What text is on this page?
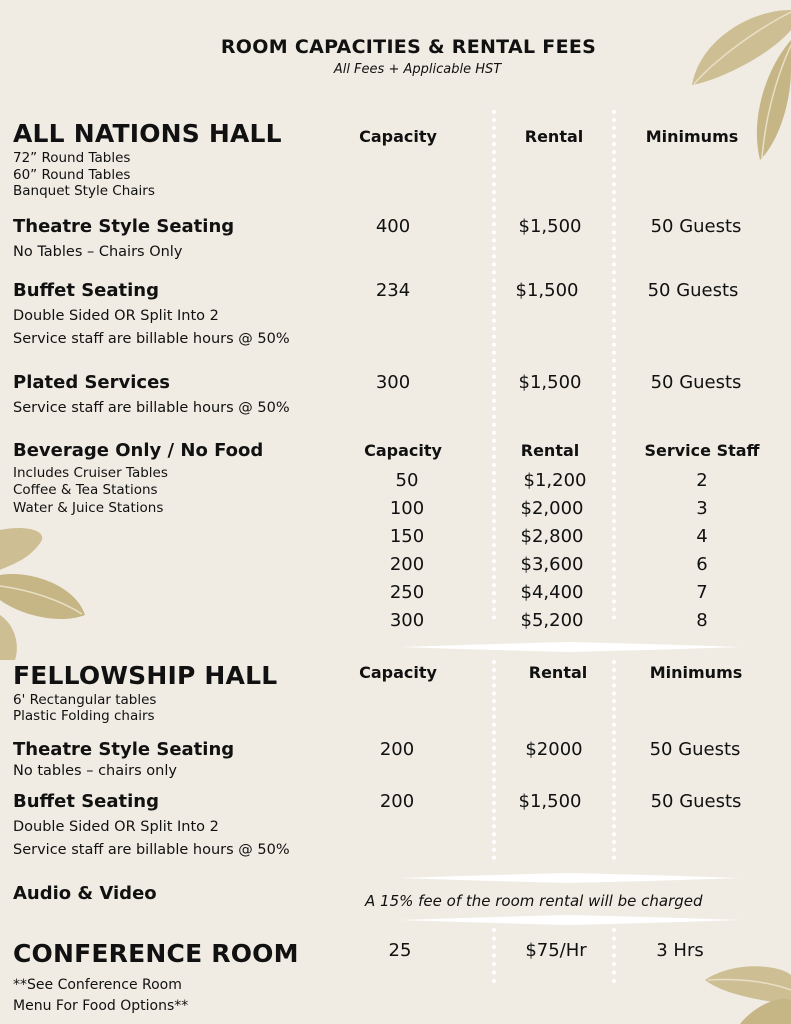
ROOM CAPACITIES & RENTAL FEES
All Fees + Applicable HST
ALL NATIONS HALL	Capacity	Rental	Minimums
72” Round Tables
60” Round Tables
Banquet Style Chairs
Theatre Style Seating
No Tables – Chairs Only
400	$1,500	50 Guests
Buffet Seating
Double Sided OR Split Into 2
Service staff are billable hours @ 50%
234	$1,500	50 Guests
Plated Services
Service staff are billable hours @ 50%
300	$1,500	50 Guests
Beverage Only / No Food	Capacity	Rental	Service Staff
Includes Cruiser Tables
Coffee & Tea Stations
Water & Juice Stations
50	$1,200	2
100	$2,000	3
150	$2,800	4
200	$3,600	6
250	$4,400	7
300	$5,200	8
FELLOWSHIP HALL	Capacity	Rental	Minimums
6' Rectangular tables
Plastic Folding chairs
Theatre Style Seating
No tables – chairs only
200	$2000	50 Guests
Buffet Seating
Double Sided OR Split Into 2
Service staff are billable hours @ 50%
200	$1,500	50 Guests
Audio & Video	A 15% fee of the room rental will be charged
CONFERENCE ROOM	25	$75/Hr	3 Hrs
**See Conference Room
Menu For Food Options**
